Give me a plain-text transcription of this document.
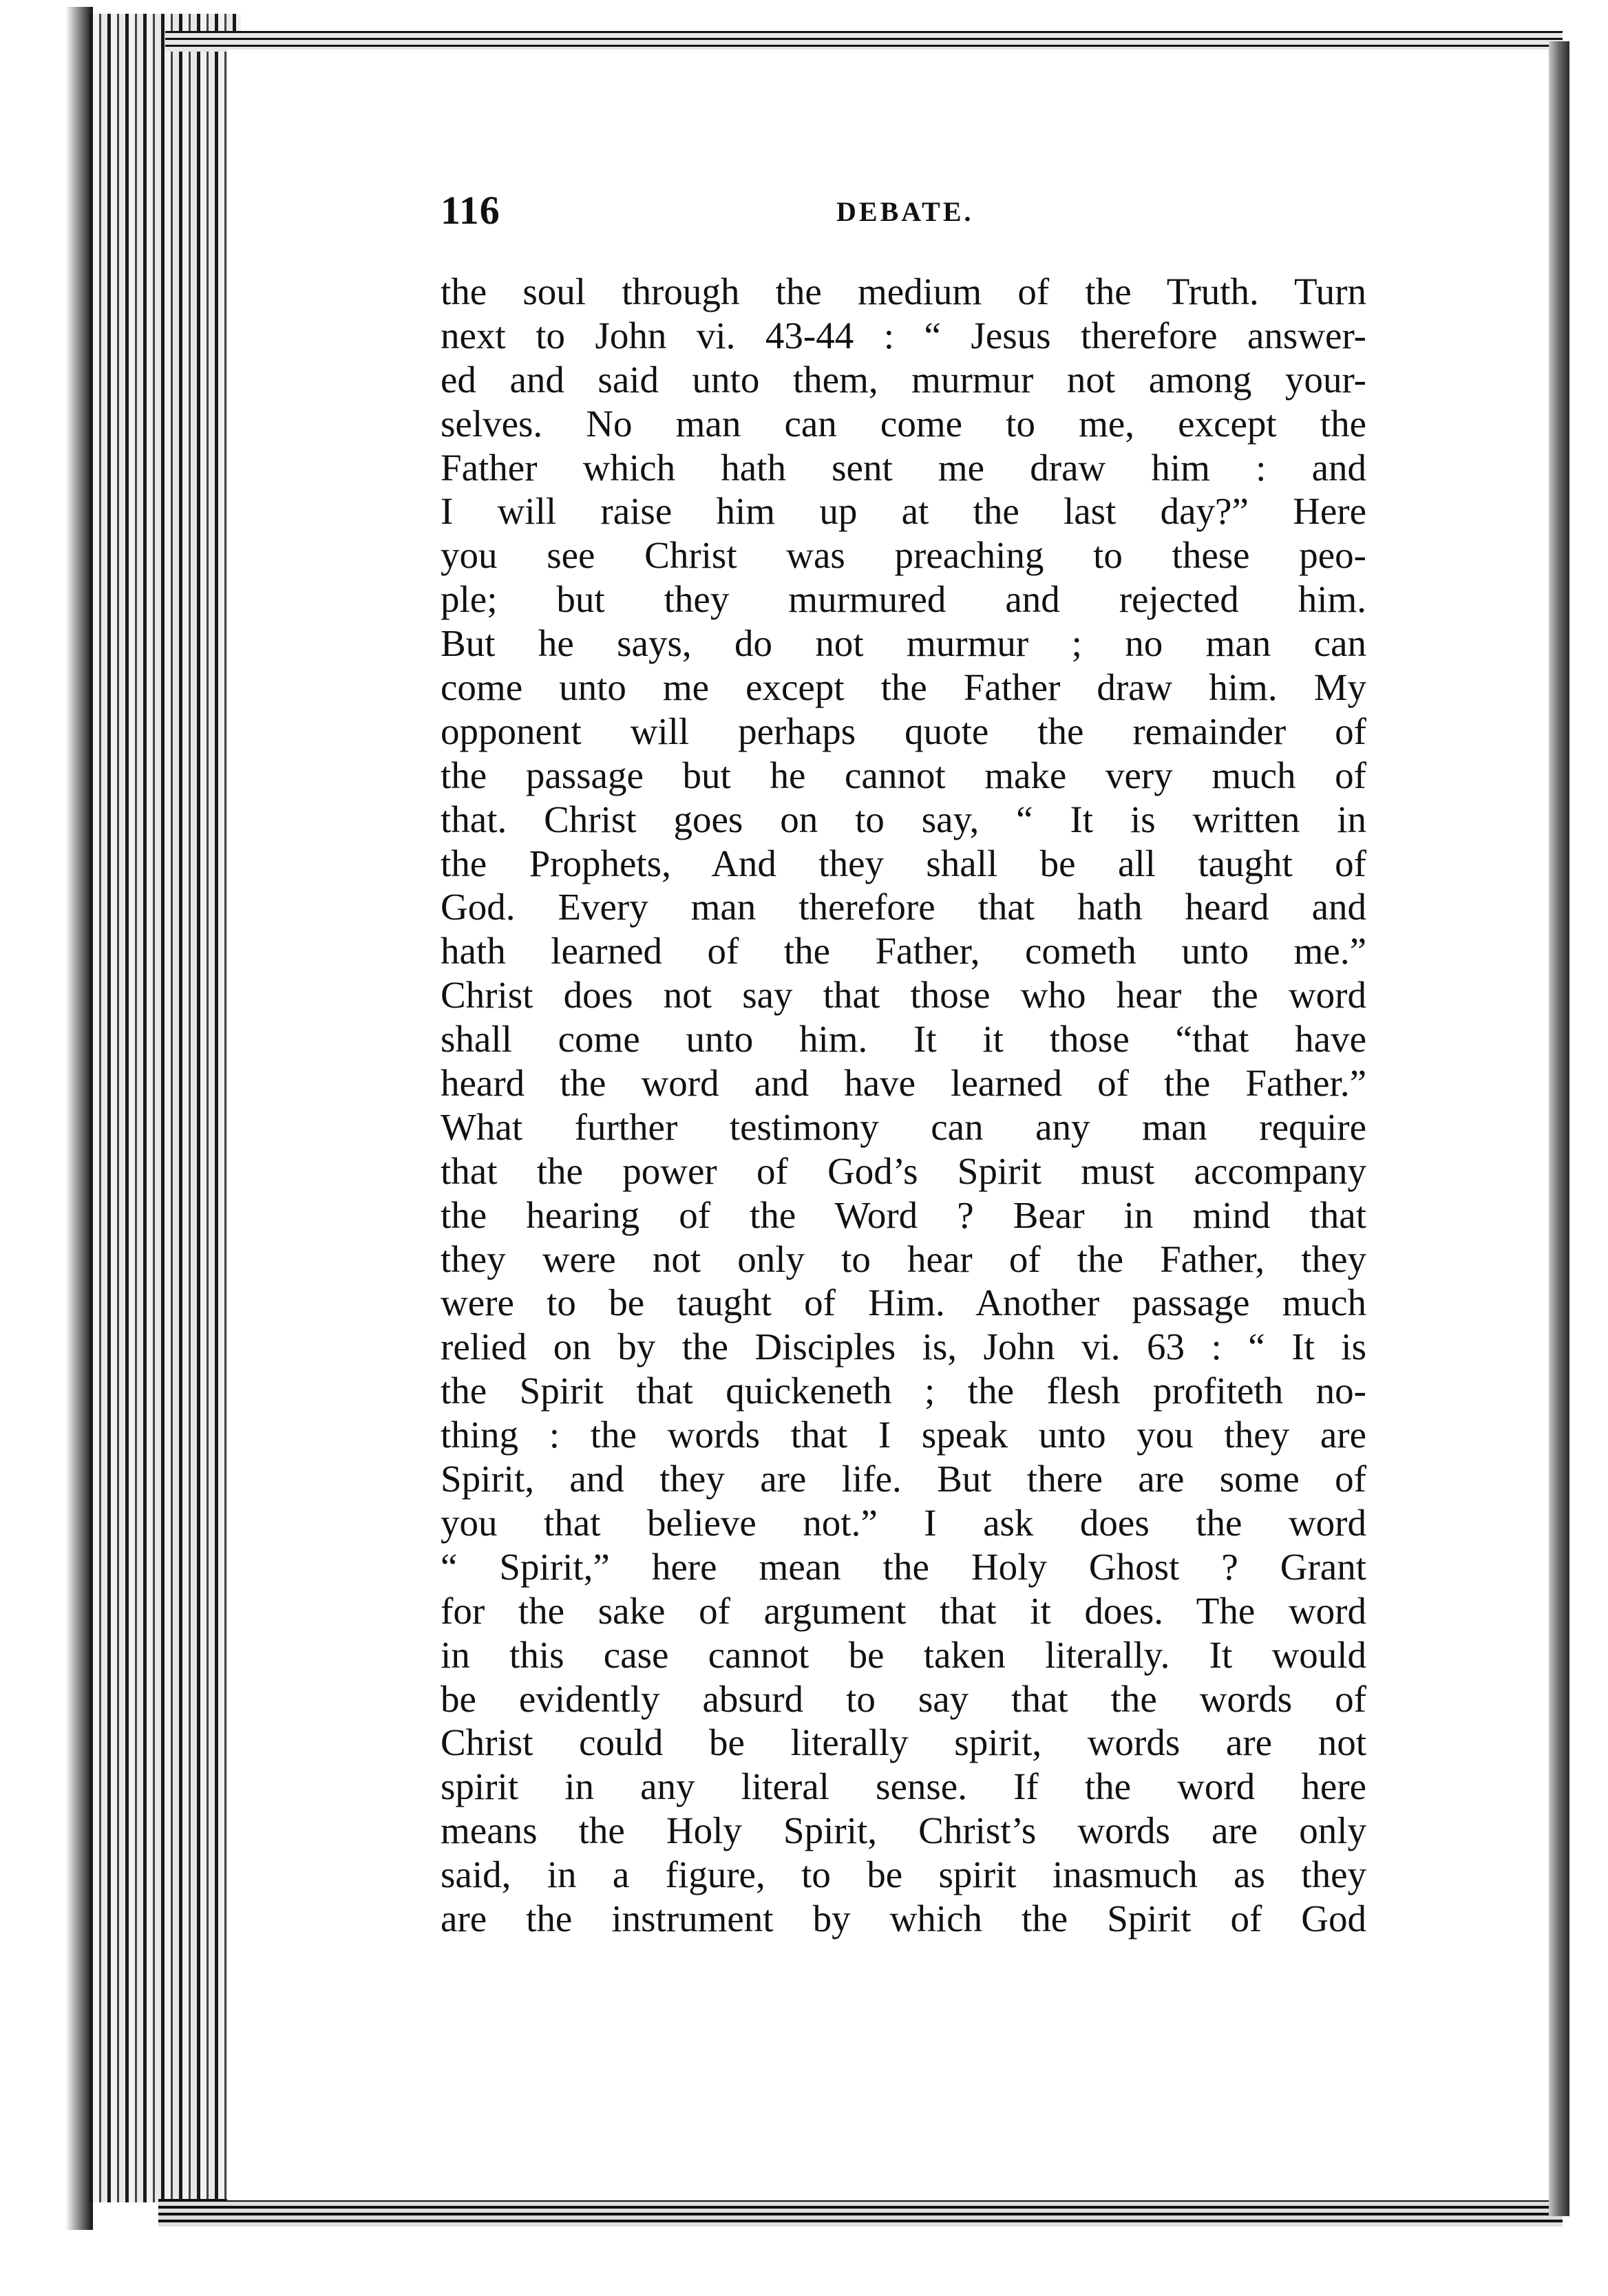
116	DEBATE.
the soul through the medium of the Truth. Turn
next to John vi. 43-44 : “ Jesus therefore answer-
ed and said unto them, murmur not among your-
selves. No man can come to me, except the
Father which hath sent me draw him : and
I will raise him up at the last day?” Here
you see Christ was preaching to these peo-
ple; but they murmured and rejected him.
But he says, do not murmur ; no man can
come unto me except the Father draw him. My
opponent will perhaps quote the remainder of
the passage but he cannot make very much of
that. Christ goes on to say, “ It is written in
the Prophets, And they shall be all taught of
God. Every man therefore that hath heard and
hath learned of the Father, cometh unto me.”
Christ does not say that those who hear the word
shall come unto him. It it those “that have
heard the word and have learned of the Father.”
What further testimony can any man require
that the power of God’s Spirit must accompany
the hearing of the Word ? Bear in mind that
they were not only to hear of the Father, they
were to be taught of Him. Another passage much
relied on by the Disciples is, John vi. 63 : “ It is
the Spirit that quickeneth ; the flesh profiteth no-
thing : the words that I speak unto you they are
Spirit, and they are life. But there are some of
you that believe not.” I ask does the word
“ Spirit,” here mean the Holy Ghost ? Grant
for the sake of argument that it does. The word
in this case cannot be taken literally. It would
be evidently absurd to say that the words of
Christ could be literally spirit, words are not
spirit in any literal sense. If the word here
means the Holy Spirit, Christ’s words are only
said, in a figure, to be spirit inasmuch as they
are the instrument by which the Spirit of God
